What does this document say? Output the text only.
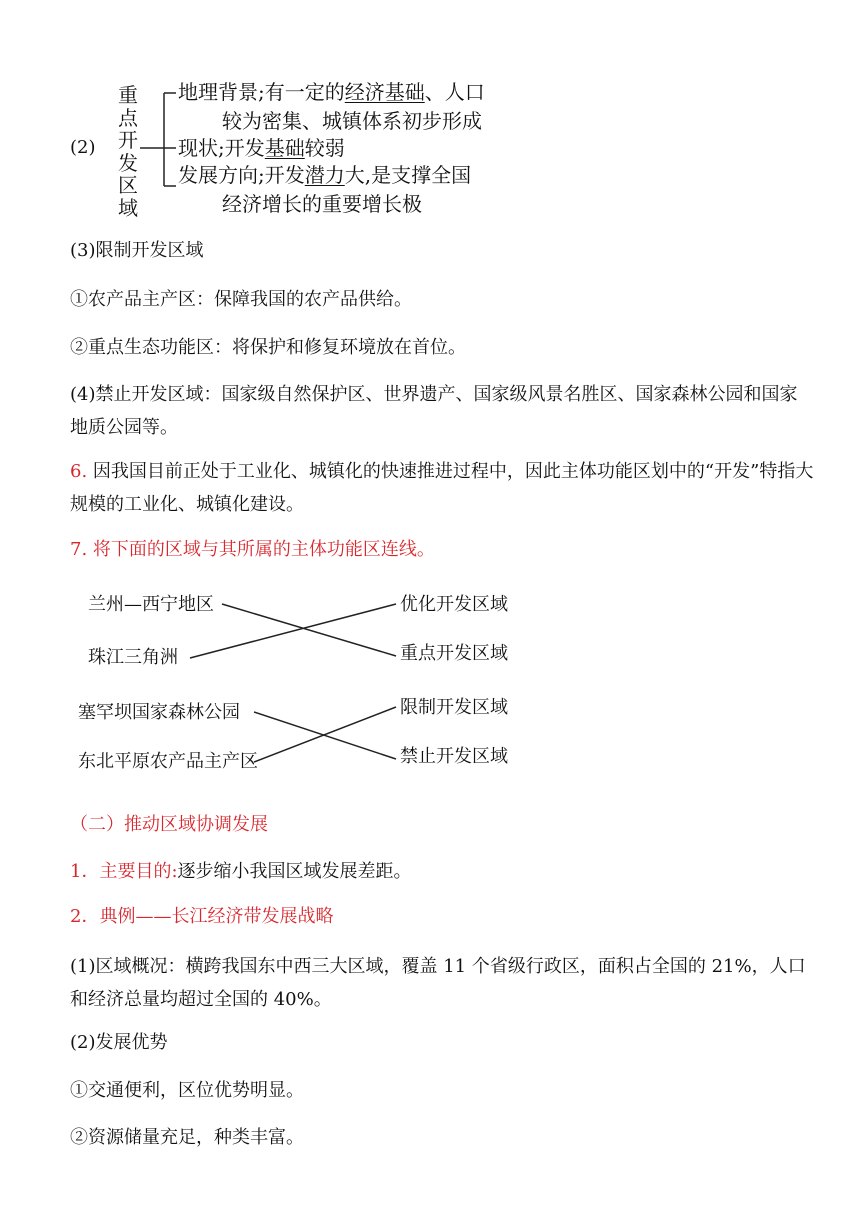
(2)
重
点
开
发
区
域
地理背景;有一定的经济基础、人口
较为密集、城镇体系初步形成
现状;开发基础较弱
发展方向;开发潜力大,是支撑全国
经济增长的重要增长极
(3)限制开发区域
①农产品主产区：保障我国的农产品供给。
②重点生态功能区：将保护和修复环境放在首位。
(4)禁止开发区域：国家级自然保护区、世界遗产、国家级风景名胜区、国家森林公园和国家地质公园等。
6. 因我国目前正处于工业化、城镇化的快速推进过程中，因此主体功能区划中的“开发”特指大规模的工业化、城镇化建设。
7. 将下面的区域与其所属的主体功能区连线。
兰州—西宁地区
珠江三角洲
塞罕坝国家森林公园
东北平原农产品主产区
优化开发区域
重点开发区域
限制开发区域
禁止开发区域
（二）推动区域协调发展
1．主要目的:逐步缩小我国区域发展差距。
2．典例——长江经济带发展战略
(1)区域概况：横跨我国东中西三大区域，覆盖 11 个省级行政区，面积占全国的 21%，人口和经济总量均超过全国的 40%。
(2)发展优势
①交通便利，区位优势明显。
②资源储量充足，种类丰富。
